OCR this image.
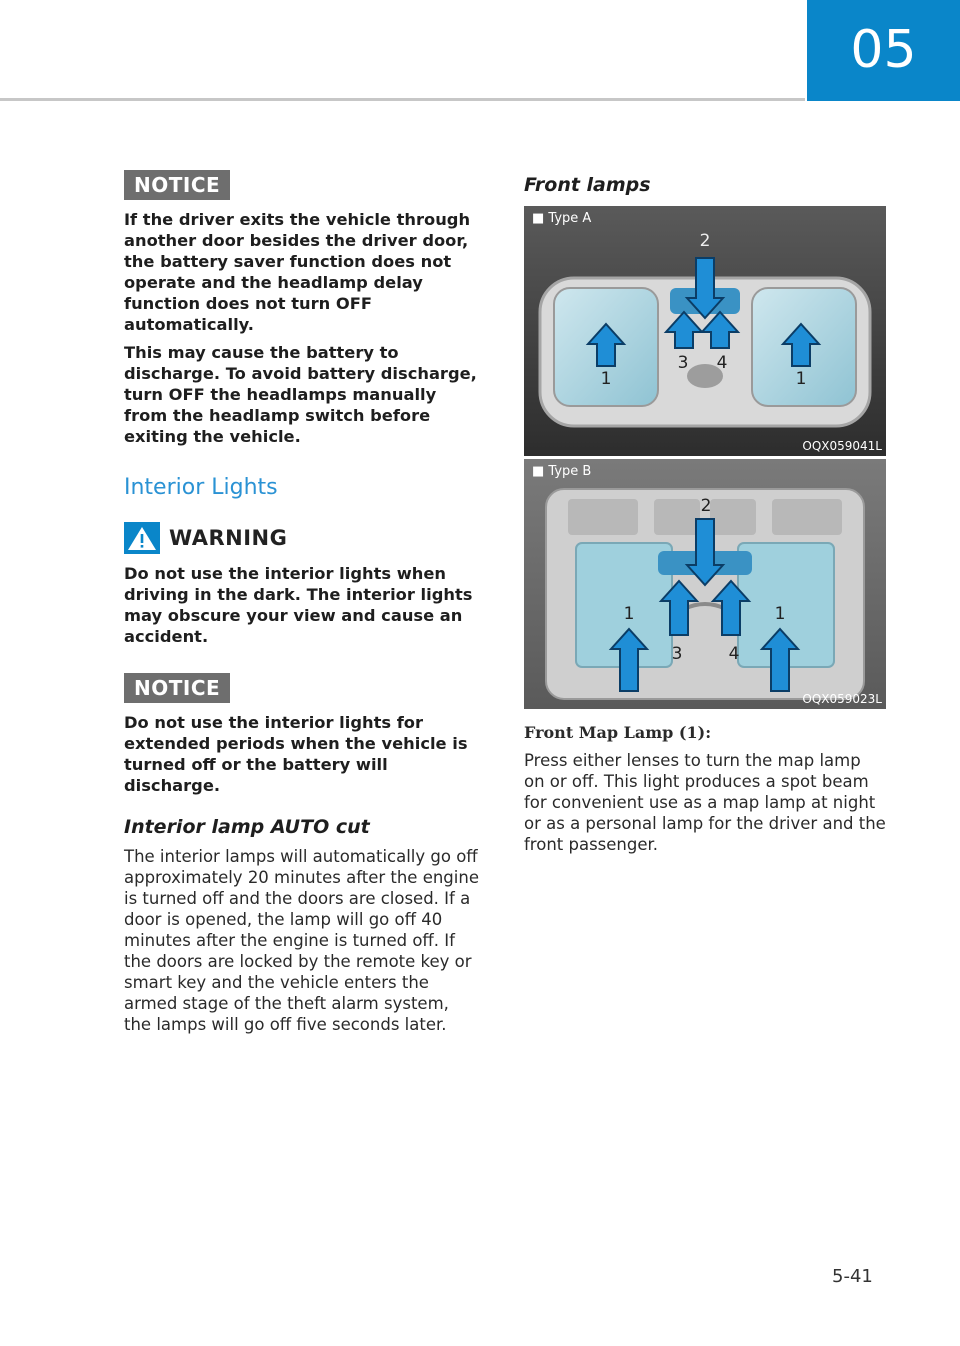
05
NOTICE

If the driver exits the vehicle through another door besides the driver door, the battery saver function does not operate and the headlamp delay function does not turn OFF automatically.

This may cause the battery to discharge. To avoid battery discharge, turn OFF the headlamps manually from the headlamp switch before exiting the vehicle.

Interior Lights
WARNING

Do not use the interior lights when driving in the dark. The interior lights may obscure your view and cause an accident.

NOTICE

Do not use the interior lights for extended periods when the vehicle is turned off or the battery will discharge.

Interior lamp AUTO cut

The interior lamps will automatically go off approximately 20 minutes after the engine is turned off and the doors are closed. If a door is opened, the lamp will go off 40 minutes after the engine is turned off. If the doors are locked by the remote key or smart key and the vehicle enters the armed stage of the theft alarm system, the lamps will go off five seconds later.

Front lamps
1
2
3 4
1
■ Type A
OQX059041L
1
2
3	4
1
■ Type B
OQX059023L

Front Map Lamp (1):

Press either lenses to turn the map lamp on or off. This light produces a spot beam for convenient use as a map lamp at night or as a personal lamp for the driver and the front passenger.

5-41
